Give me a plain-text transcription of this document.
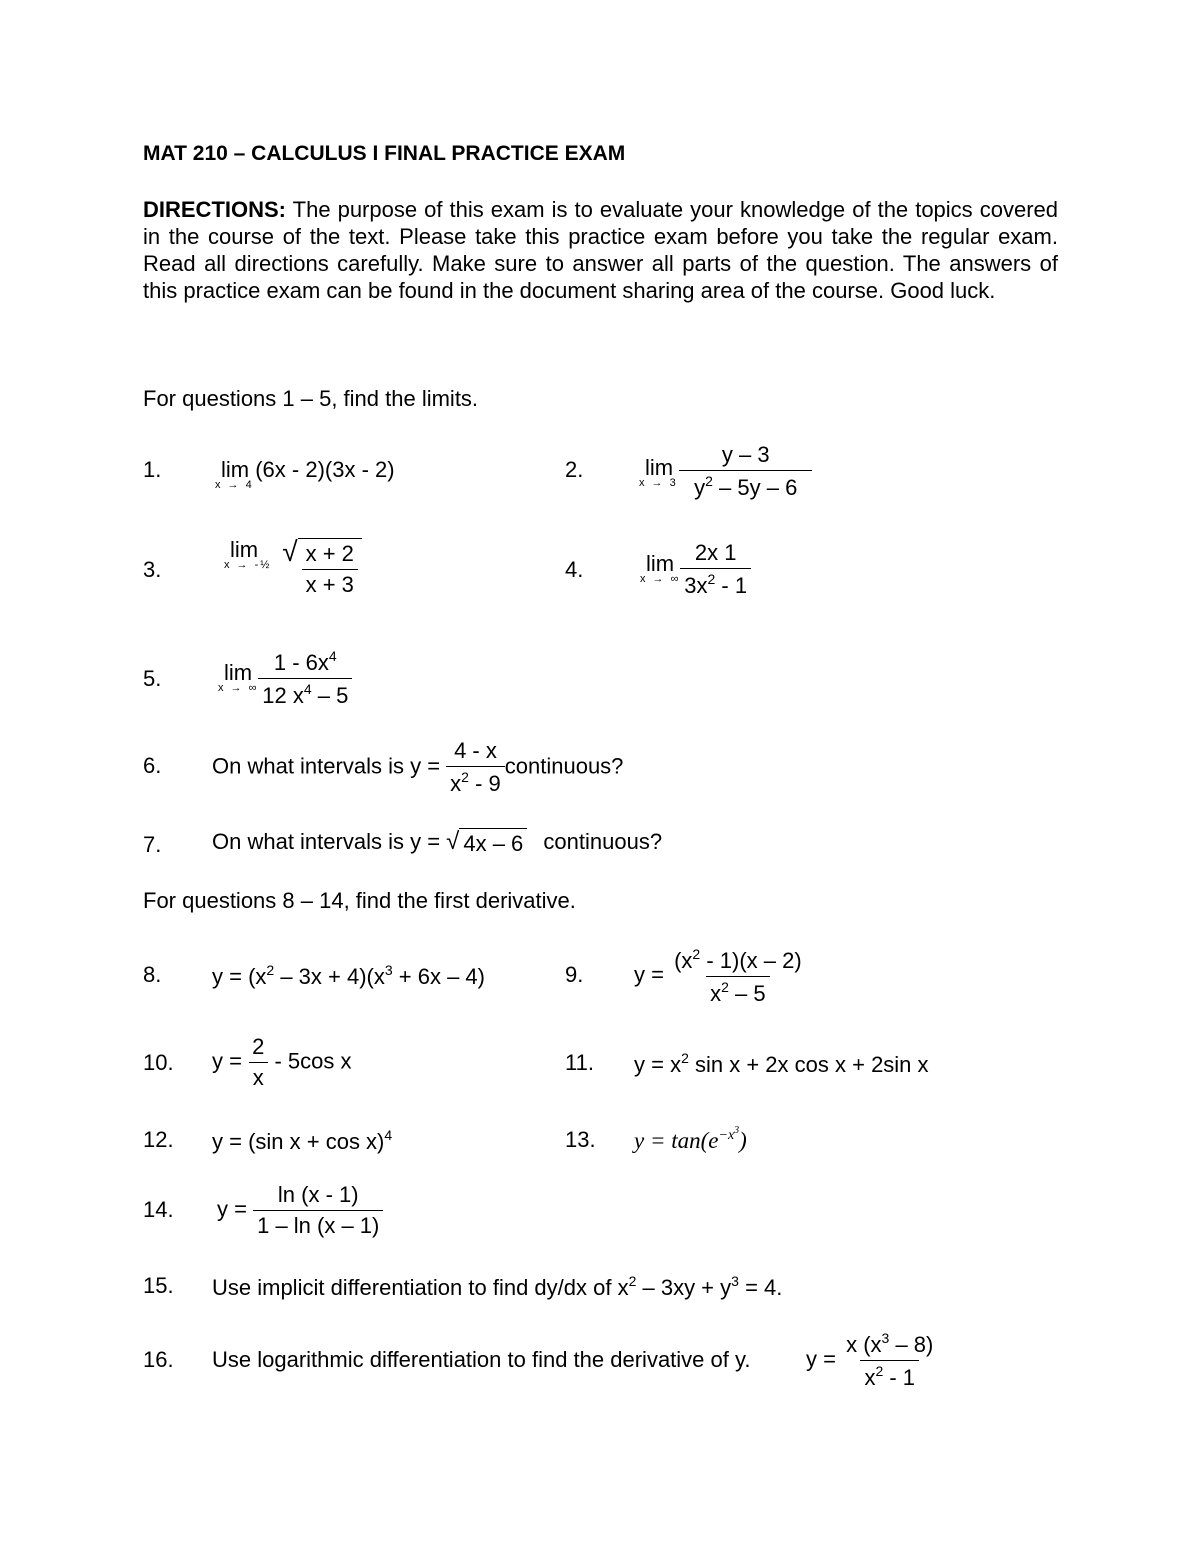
MAT 210 – CALCULUS I FINAL PRACTICE EXAM
DIRECTIONS: The purpose of this exam is to evaluate your knowledge of the topics covered in the course of the text. Please take this practice exam before you take the regular exam. Read all directions carefully. Make sure to answer all parts of the question. The answers of this practice exam can be found in the document sharing area of the course. Good luck.
For questions 1 – 5, find the limits.
1.	lim
x → 4
(6x - 2)(3x - 2)	2.	lim
x → 3
$\frac{y - 3}{y^2 - 5y - 6}$
3.
lim
x → -½
√ $\frac{x + 2}{x + 3}$	4.	lim
x → ∞
$\frac{2x 1}{3x^2 - 1}$
5.	lim
x → ∞
$\frac{1 - 6x^4}{12 x^4 - 5}$
6. On what intervals is $y = \frac{4 - x}{x^2 - 9}$ continuous?
7. On what intervals is y = √ 4x – 6 continuous?
For questions 8 – 14, find the first derivative.
8. $y = (x^2 - 3x + 4)(x^3 + 6x - 4)$	9. $y = \frac{(x^2 - 1)(x - 2)}{x^2 - 5}$
10. $y = \frac{2}{x} - 5\cos$ x	11. $y = x^2$ sin x + 2x cos x + 2sin x
12. y = (sin x + cos x)$^4$	13. $y = \tan(e^{-x^3})$
14. $y = \frac{\ln (x - 1)}{1 - \ln (x - 1)}$
15. Use implicit differentiation to find dy/dx of $x^2 - 3xy + y^3 = 4$.
16. Use logarithmic differentiation to find the derivative of y.	$y = \frac{x (x^3 - 8)}{x^2 - 1}$
